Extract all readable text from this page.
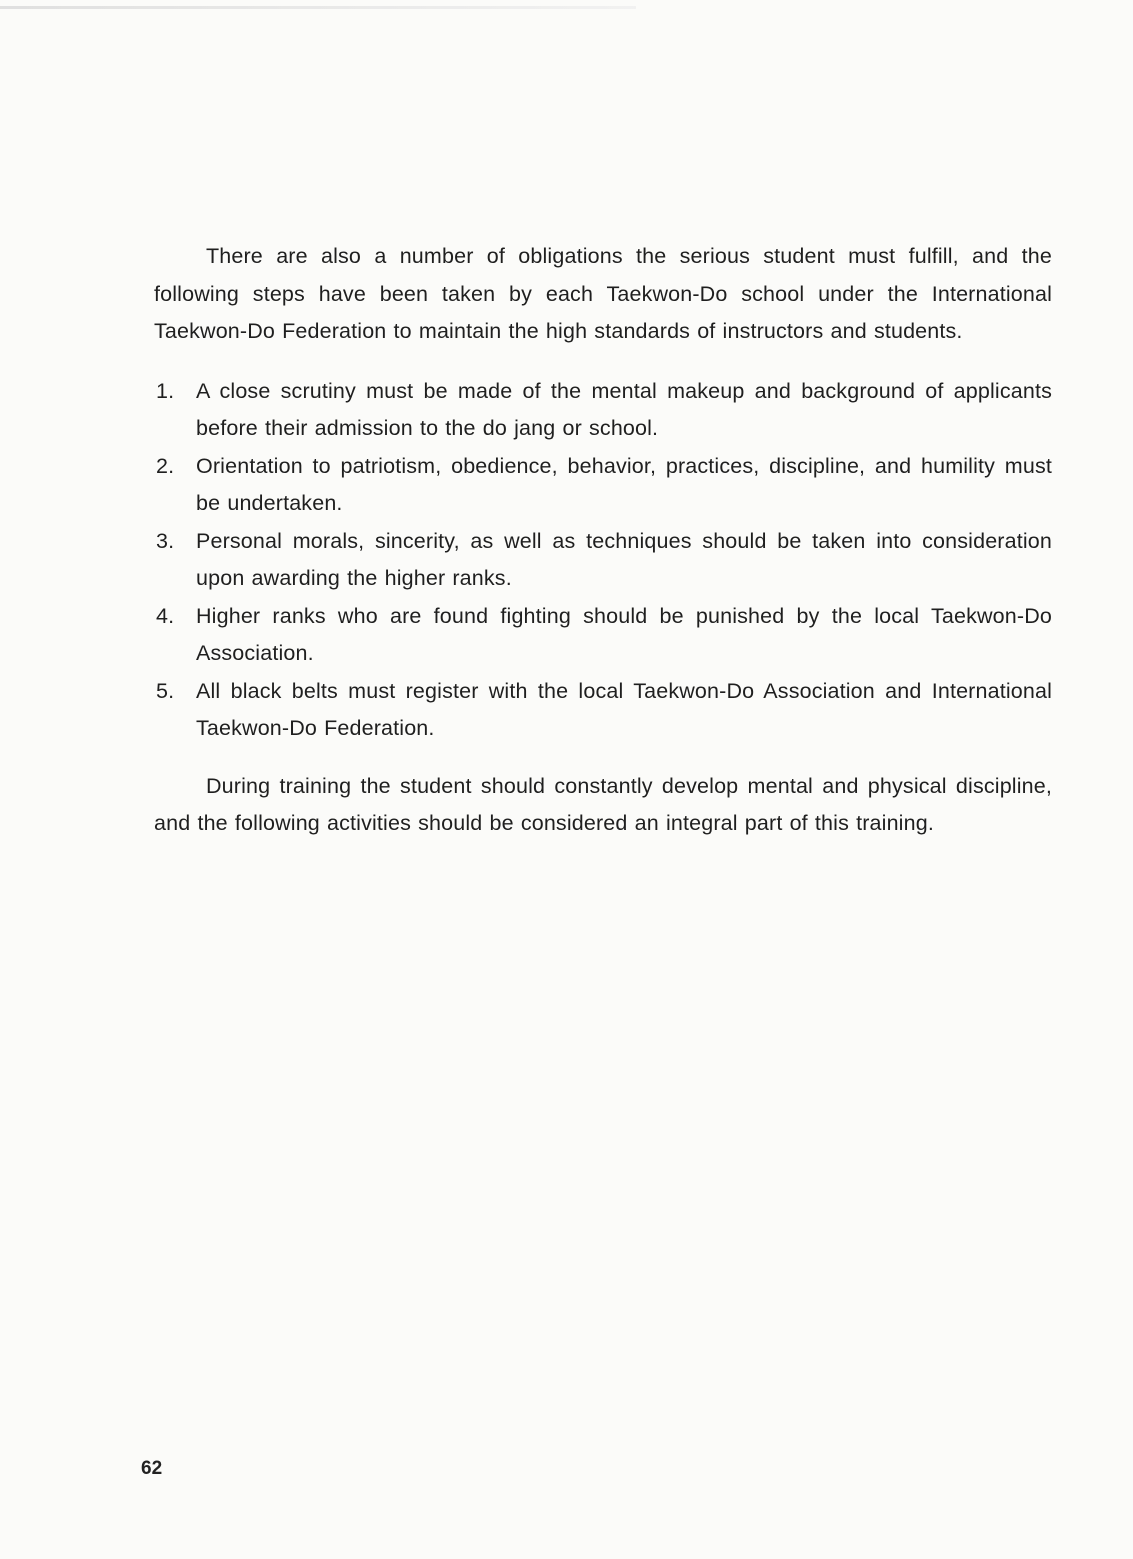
There are also a number of obligations the serious student must fulfill, and the following steps have been taken by each Taekwon-Do school under the International Taekwon-Do Federation to maintain the high standards of instructors and students.

1. A close scrutiny must be made of the mental makeup and background of applicants before their admission to the do jang or school.
2. Orientation to patriotism, obedience, behavior, practices, discipline, and humility must be undertaken.
3. Personal morals, sincerity, as well as techniques should be taken into consideration upon awarding the higher ranks.
4. Higher ranks who are found fighting should be punished by the local Taekwon-Do Association.
5. All black belts must register with the local Taekwon-Do Association and International Taekwon-Do Federation.

During training the student should constantly develop mental and physical discipline, and the following activities should be considered an integral part of this training.

62
